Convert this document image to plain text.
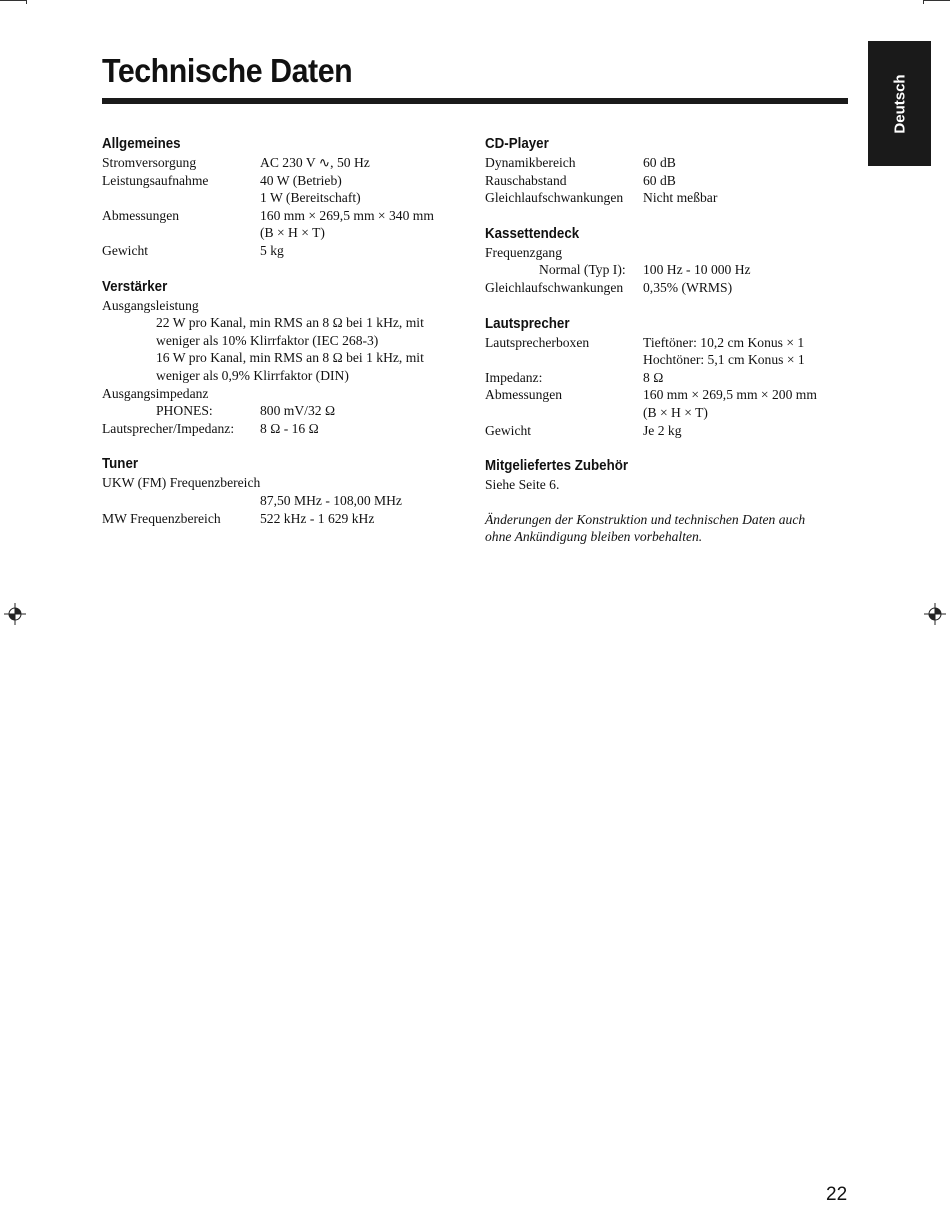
Technische Daten
Deutsch
Allgemeines
Stromversorgung	AC 230 V ∿, 50 Hz
Leistungsaufnahme	40 W (Betrieb)
1 W (Bereitschaft)
Abmessungen	160 mm × 269,5 mm × 340 mm
(B × H × T)
Gewicht	5 kg
Verstärker
Ausgangsleistung
22 W pro Kanal, min RMS an 8 Ω bei 1 kHz, mit
weniger als 10% Klirrfaktor (IEC 268-3)
16 W pro Kanal, min RMS an 8 Ω bei 1 kHz, mit
weniger als 0,9% Klirrfaktor (DIN)
Ausgangsimpedanz
PHONES:	800 mV/32 Ω
Lautsprecher/Impedanz:	8 Ω - 16 Ω
Tuner
UKW (FM) Frequenzbereich
87,50 MHz - 108,00 MHz
MW Frequenzbereich	522 kHz - 1 629 kHz
CD-Player
Dynamikbereich	60 dB
Rauschabstand	60 dB
Gleichlaufschwankungen	Nicht meßbar
Kassettendeck
Frequenzgang
Normal (Typ I):	100 Hz - 10 000 Hz
Gleichlaufschwankungen	0,35% (WRMS)
Lautsprecher
Lautsprecherboxen	Tieftöner: 10,2 cm Konus × 1
Hochtöner: 5,1 cm Konus × 1
Impedanz:	8 Ω
Abmessungen	160 mm × 269,5 mm × 200 mm
(B × H × T)
Gewicht	Je 2 kg
Mitgeliefertes Zubehör
Siehe Seite 6.
Änderungen der Konstruktion und technischen Daten auch
ohne Ankündigung bleiben vorbehalten.
22
